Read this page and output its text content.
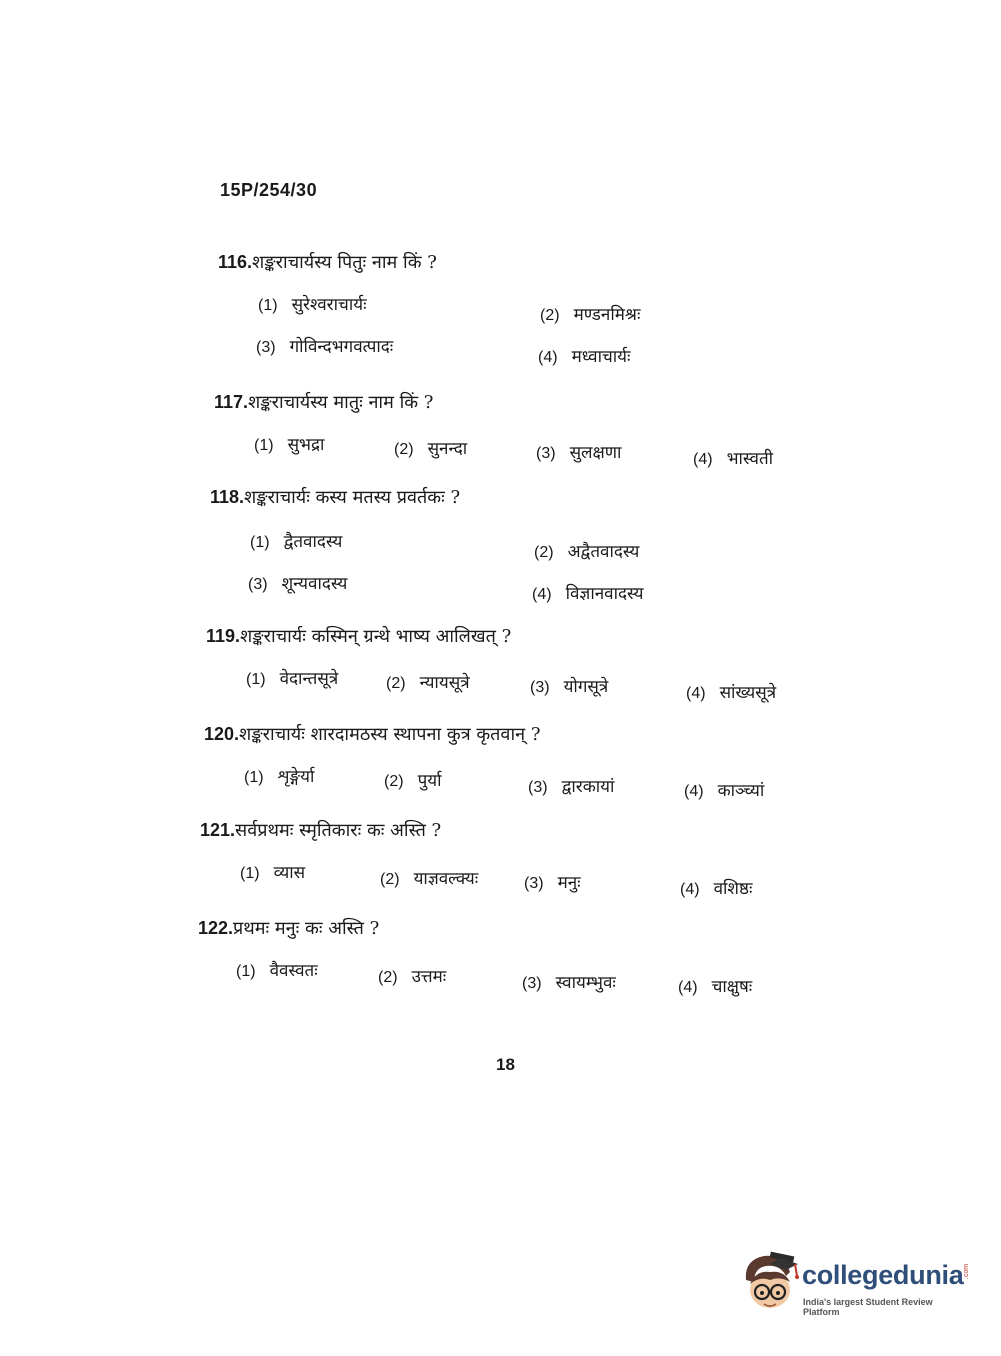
15P/254/30
116.शङ्कराचार्यस्य पितुः नाम किं ?
(1) सुरेश्वराचार्यः
(2) मण्डनमिश्रः
(3) गोविन्दभगवत्पादः
(4) मध्वाचार्यः
117.शङ्कराचार्यस्य मातुः नाम किं ?
(1) सुभद्रा	(2) सुनन्दा	(3) सुलक्षणा	(4) भास्वती
118.शङ्कराचार्यः कस्य मतस्य प्रवर्तकः ?
(1) द्वैतवादस्य
(2) अद्वैतवादस्य
(3) शून्यवादस्य
(4) विज्ञानवादस्य
119.शङ्कराचार्यः कस्मिन् ग्रन्थे भाष्य आलिखत् ?
(1) वेदान्तसूत्रे	(2) न्यायसूत्रे	(3) योगसूत्रे	(4) सांख्यसूत्रे
120.शङ्कराचार्यः शारदामठस्य स्थापना कुत्र कृतवान् ?
(1) शृङ्गेर्या	(2) पुर्या	(3) द्वारकायां	(4) काञ्च्यां
121.सर्वप्रथमः स्मृतिकारः कः अस्ति ?
(1) व्यास	(2) याज्ञवल्क्यः	(3) मनुः	(4) वशिष्ठः
122.प्रथमः मनुः कः अस्ति ?
(1) वैवस्वतः	(2) उत्तमः	(3) स्वायम्भुवः	(4) चाक्षुषः
18
collegedunia .com
India's largest Student Review Platform
